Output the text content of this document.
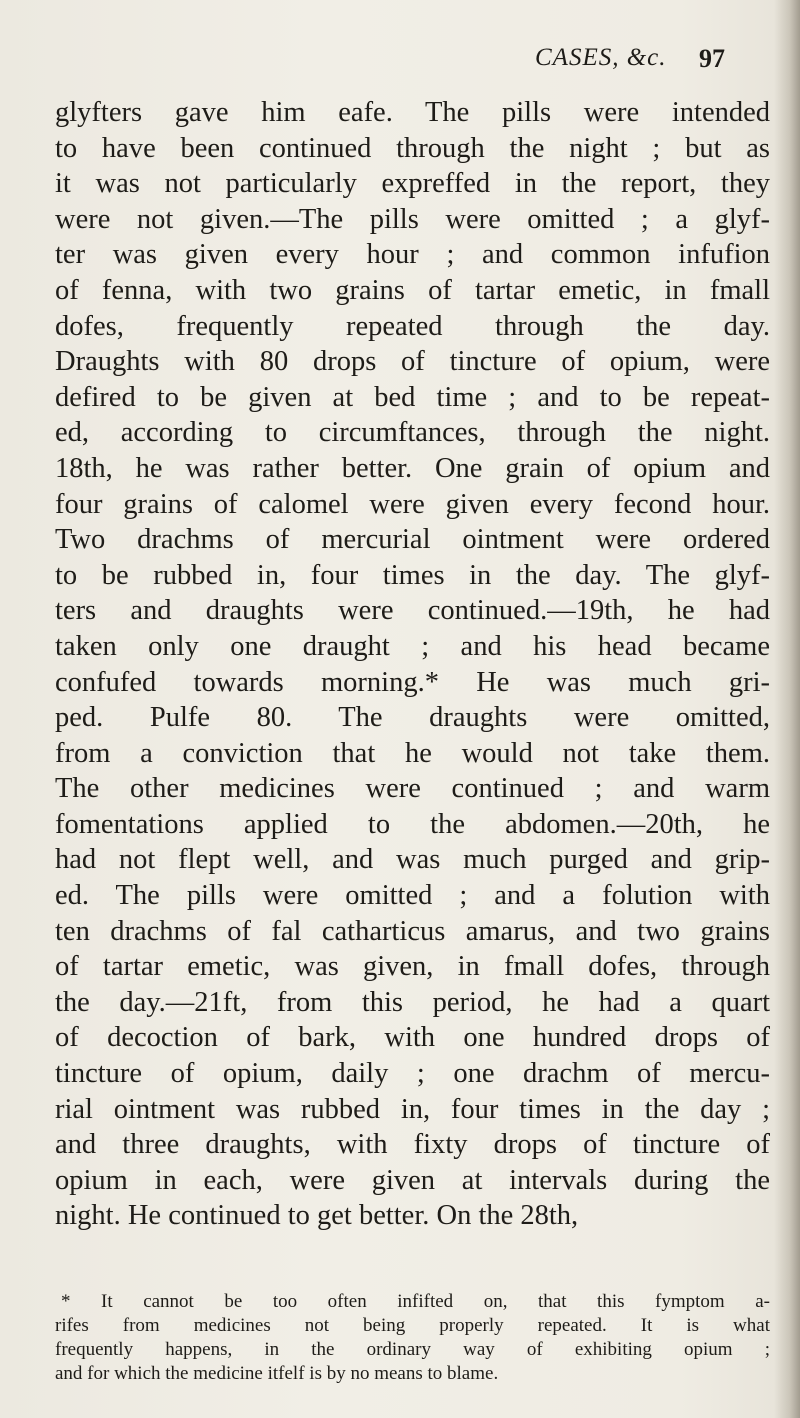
CASES, &c. 97
glyfters gave him eafe. The pills were intended
to have been continued through the night ; but as
it was not particularly expreffed in the report, they
were not given.—The pills were omitted ; a glyf-
ter was given every hour ; and common infufion
of fenna, with two grains of tartar emetic, in fmall
dofes, frequently repeated through the day.
Draughts with 80 drops of tincture of opium, were
defired to be given at bed time ; and to be repeat-
ed, according to circumftances, through the night.
18th, he was rather better. One grain of opium and
four grains of calomel were given every fecond hour.
Two drachms of mercurial ointment were ordered
to be rubbed in, four times in the day. The glyf-
ters and draughts were continued.—19th, he had
taken only one draught ; and his head became
confufed towards morning.* He was much gri-
ped. Pulfe 80. The draughts were omitted,
from a conviction that he would not take them.
The other medicines were continued ; and warm
fomentations applied to the abdomen.—20th, he
had not flept well, and was much purged and grip-
ed. The pills were omitted ; and a folution with
ten drachms of fal catharticus amarus, and two grains
of tartar emetic, was given, in fmall dofes, through
the day.—21ft, from this period, he had a quart
of decoction of bark, with one hundred drops of
tincture of opium, daily ; one drachm of mercu-
rial ointment was rubbed in, four times in the day ;
and three draughts, with fixty drops of tincture of
opium in each, were given at intervals during the
night. He continued to get better. On the 28th,
* It cannot be too often infifted on, that this fymptom a-
rifes from medicines not being properly repeated. It is what
frequently happens, in the ordinary way of exhibiting opium ;
and for which the medicine itfelf is by no means to blame.
